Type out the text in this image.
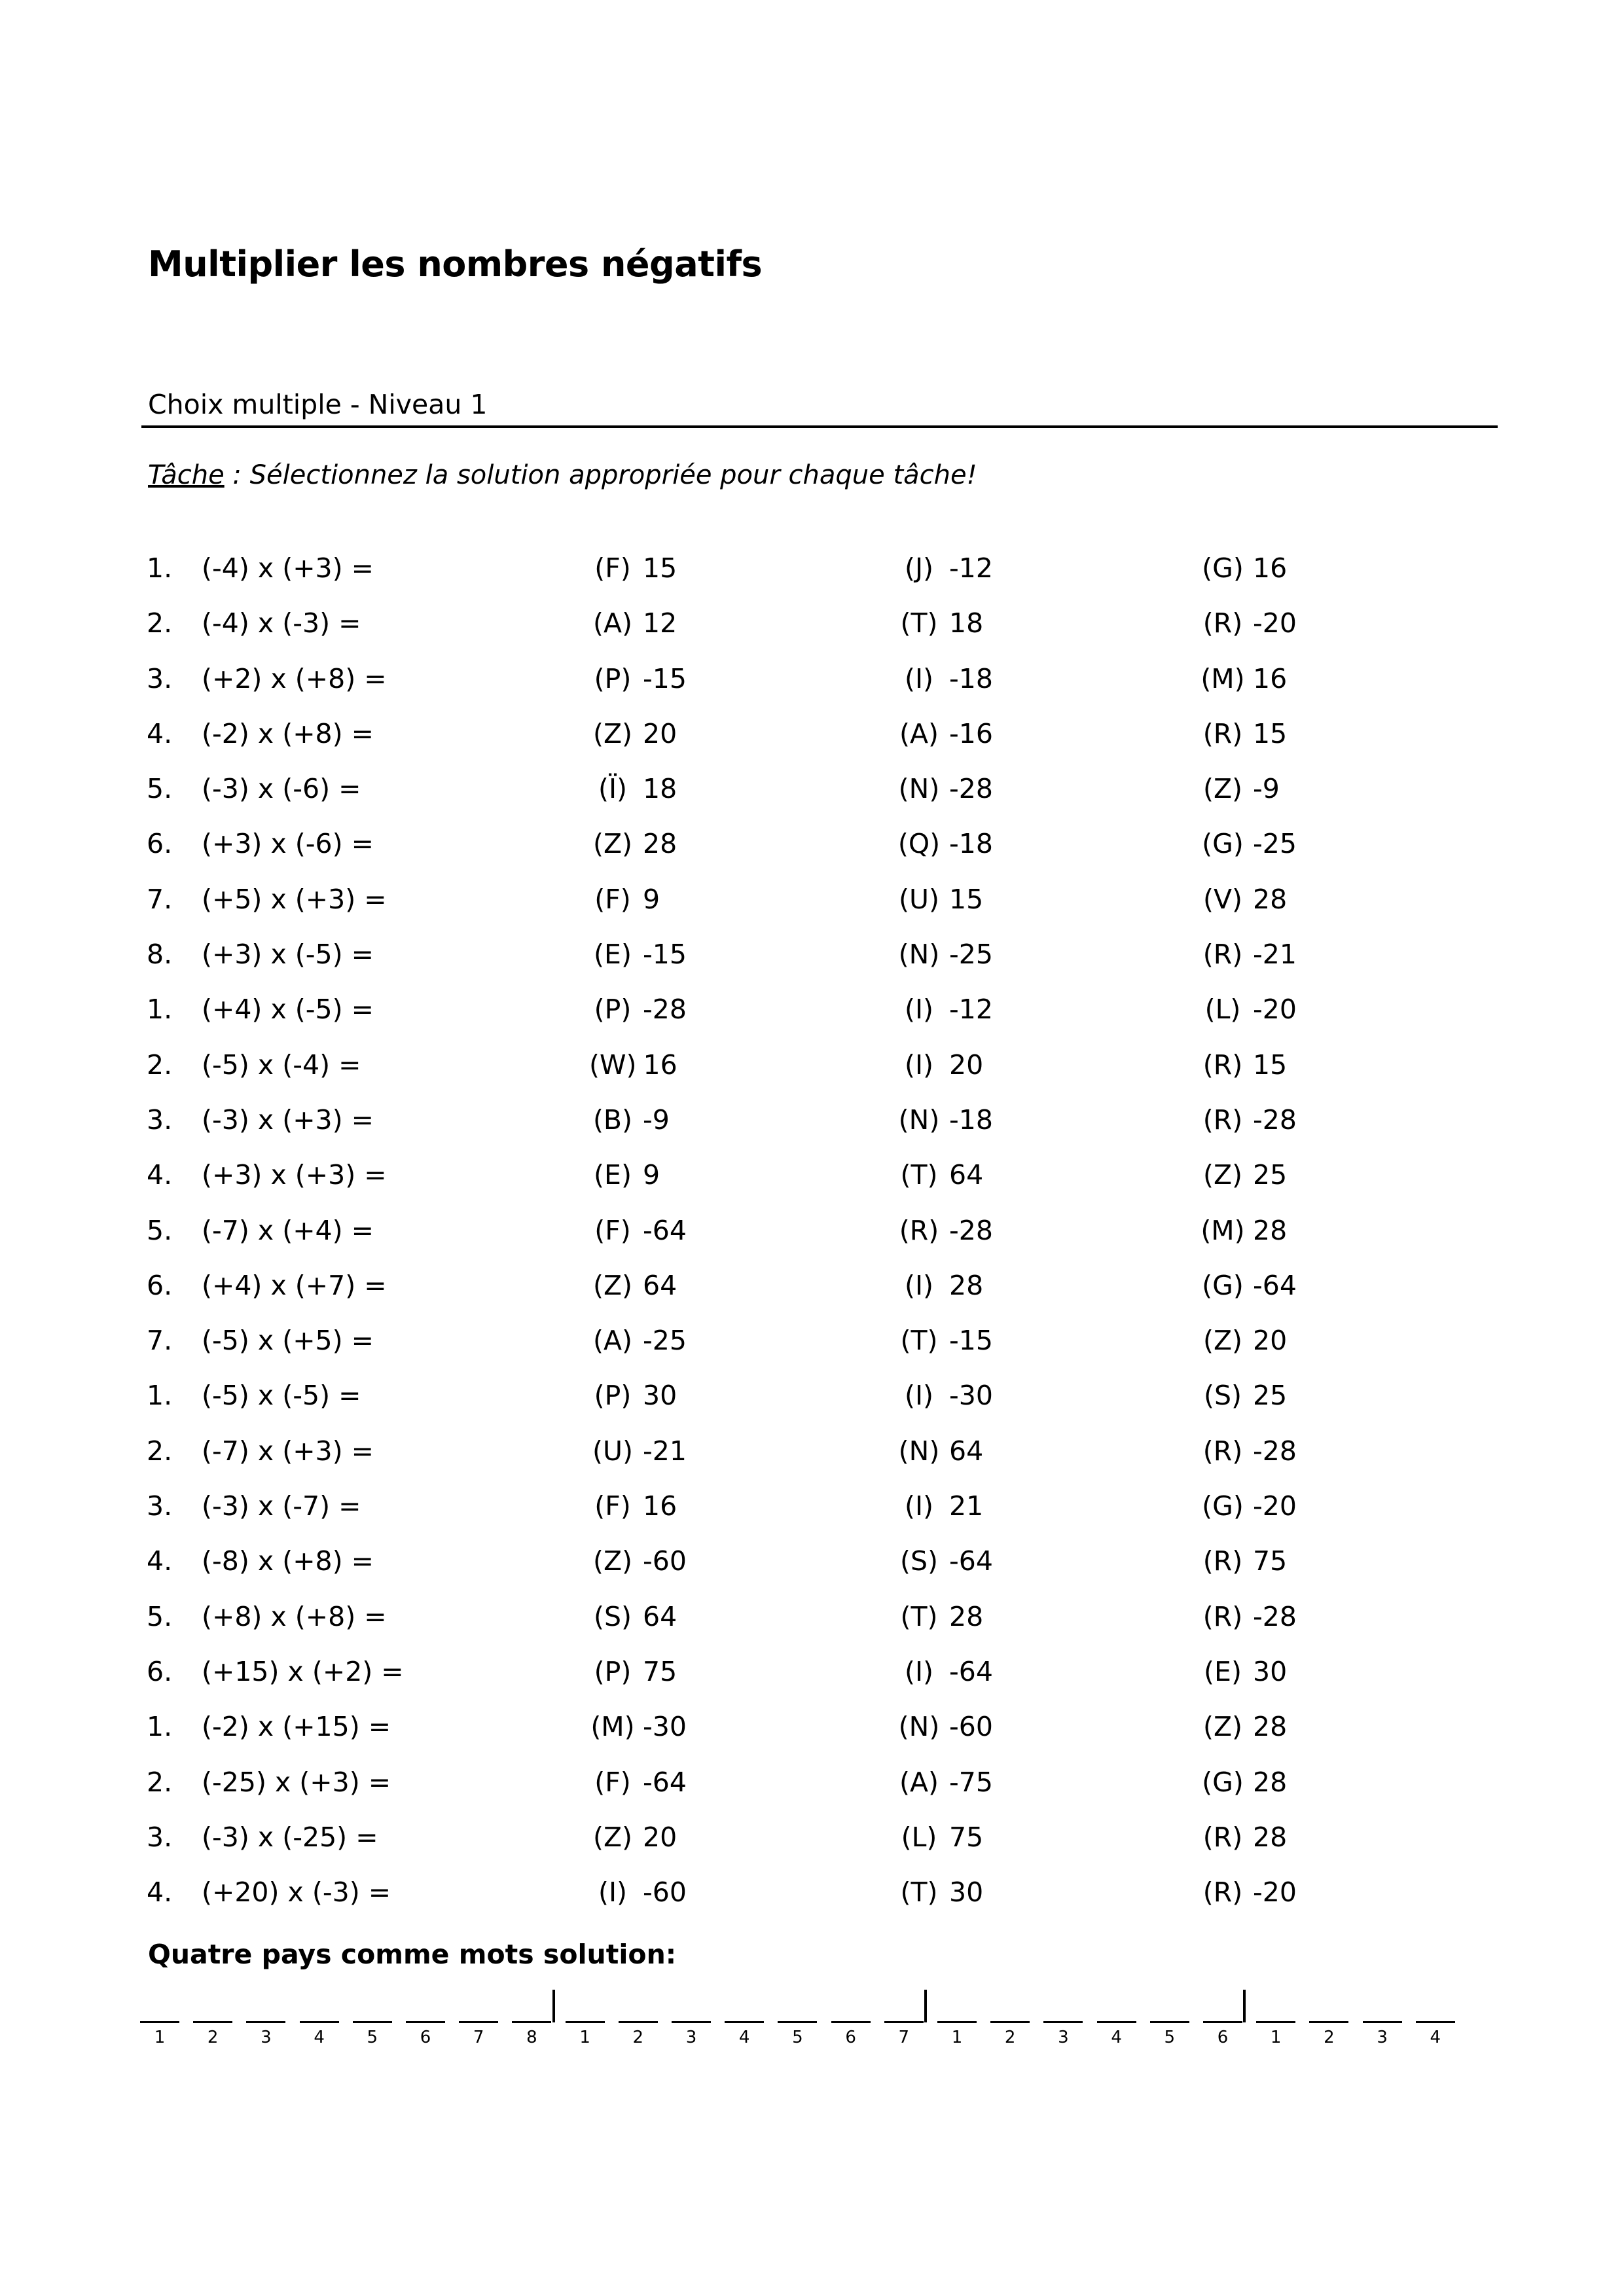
Multiplier les nombres négatifs
Choix multiple - Niveau 1
Tâche : Sélectionnez la solution appropriée pour chaque tâche!
1. (-4) x (+3) =	(F) 15	(J) -12	(G) 16
2. (-4) x (-3) =	(A) 12	(T) 18	(R) -20
3. (+2) x (+8) =	(P) -15	(I) -18	(M) 16
4. (-2) x (+8) =	(Z) 20	(A) -16	(R) 15
5. (-3) x (-6) =	(Ï) 18	(N) -28	(Z) -9
6. (+3) x (-6) =	(Z) 28	(Q) -18	(G) -25
7. (+5) x (+3) =	(F) 9	(U) 15	(V) 28
8. (+3) x (-5) =	(E) -15	(N) -25	(R) -21
1. (+4) x (-5) =	(P) -28	(I) -12	(L) -20
2. (-5) x (-4) =	(W) 16	(I) 20	(R) 15
3. (-3) x (+3) =	(B) -9	(N) -18	(R) -28
4. (+3) x (+3) =	(E) 9	(T) 64	(Z) 25
5. (-7) x (+4) =	(F) -64	(R) -28	(M) 28
6. (+4) x (+7) =	(Z) 64	(I) 28	(G) -64
7. (-5) x (+5) =	(A) -25	(T) -15	(Z) 20
1. (-5) x (-5) =	(P) 30	(I) -30	(S) 25
2. (-7) x (+3) =	(U) -21	(N) 64	(R) -28
3. (-3) x (-7) =	(F) 16	(I) 21	(G) -20
4. (-8) x (+8) =	(Z) -60	(S) -64	(R) 75
5. (+8) x (+8) =	(S) 64	(T) 28	(R) -28
6. (+15) x (+2) =	(P) 75	(I) -64	(E) 30
1. (-2) x (+15) =	(M) -30	(N) -60	(Z) 28
2. (-25) x (+3) =	(F) -64	(A) -75	(G) 28
3. (-3) x (-25) =	(Z) 20	(L) 75	(R) 28
4. (+20) x (-3) =	(I) -60	(T) 30	(R) -20
Quatre pays comme mots solution:
1	2	3	4	5	6	7	8	1	2	3	4	5	6	7	1	2	3	4	5	6	1	2	3	4
